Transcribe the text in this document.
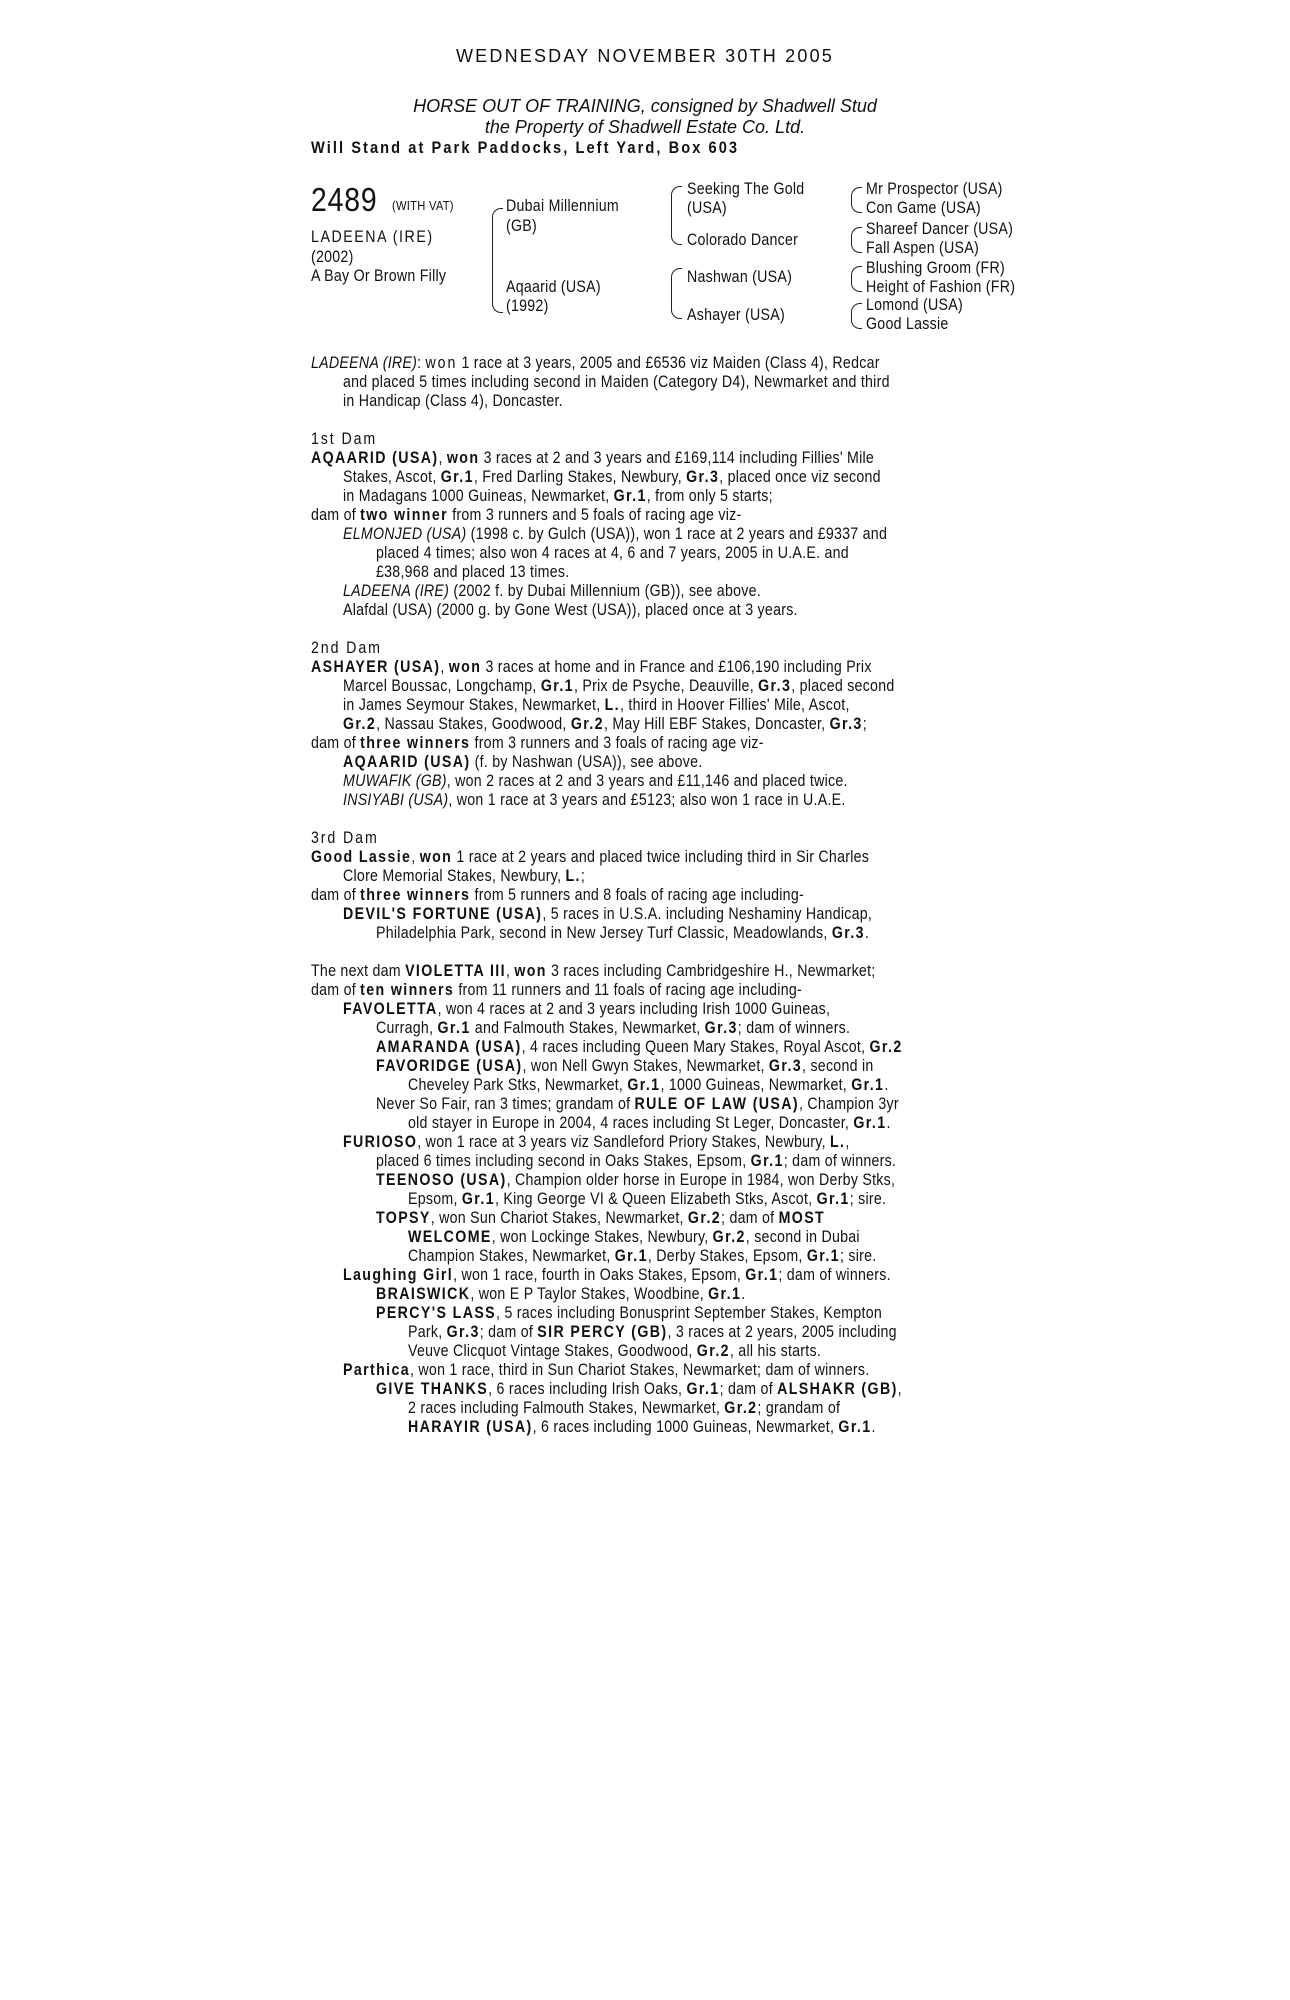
WEDNESDAY NOVEMBER 30TH 2005
HORSE OUT OF TRAINING, consigned by Shadwell Stud
the Property of Shadwell Estate Co. Ltd.
Will Stand at Park Paddocks, Left Yard, Box 603
2489 (WITH VAT)
LADEENA (IRE)
(2002)
A Bay Or Brown Filly
Dubai Millennium
(GB)
Aqaarid (USA)
(1992)
Seeking The Gold
(USA)
Colorado Dancer
Nashwan (USA)
Ashayer (USA)
Mr Prospector (USA)
Con Game (USA)
Shareef Dancer (USA)
Fall Aspen (USA)
Blushing Groom (FR)
Height of Fashion (FR)
Lomond (USA)
Good Lassie
LADEENA (IRE): won 1 race at 3 years, 2005 and £6536 viz Maiden (Class 4), Redcar
and placed 5 times including second in Maiden (Category D4), Newmarket and third
in Handicap (Class 4), Doncaster.
1st Dam
AQAARID (USA), won 3 races at 2 and 3 years and £169,114 including Fillies' Mile
Stakes, Ascot, Gr.1, Fred Darling Stakes, Newbury, Gr.3, placed once viz second
in Madagans 1000 Guineas, Newmarket, Gr.1, from only 5 starts;
dam of two winner from 3 runners and 5 foals of racing age viz-
ELMONJED (USA) (1998 c. by Gulch (USA)), won 1 race at 2 years and £9337 and
placed 4 times; also won 4 races at 4, 6 and 7 years, 2005 in U.A.E. and
£38,968 and placed 13 times.
LADEENA (IRE) (2002 f. by Dubai Millennium (GB)), see above.
Alafdal (USA) (2000 g. by Gone West (USA)), placed once at 3 years.
2nd Dam
ASHAYER (USA), won 3 races at home and in France and £106,190 including Prix
Marcel Boussac, Longchamp, Gr.1, Prix de Psyche, Deauville, Gr.3, placed second
in James Seymour Stakes, Newmarket, L., third in Hoover Fillies' Mile, Ascot,
Gr.2, Nassau Stakes, Goodwood, Gr.2, May Hill EBF Stakes, Doncaster, Gr.3;
dam of three winners from 3 runners and 3 foals of racing age viz-
AQAARID (USA) (f. by Nashwan (USA)), see above.
MUWAFIK (GB), won 2 races at 2 and 3 years and £11,146 and placed twice.
INSIYABI (USA), won 1 race at 3 years and £5123; also won 1 race in U.A.E.
3rd Dam
Good Lassie, won 1 race at 2 years and placed twice including third in Sir Charles
Clore Memorial Stakes, Newbury, L.;
dam of three winners from 5 runners and 8 foals of racing age including-
DEVIL'S FORTUNE (USA), 5 races in U.S.A. including Neshaminy Handicap,
Philadelphia Park, second in New Jersey Turf Classic, Meadowlands, Gr.3.
The next dam VIOLETTA III, won 3 races including Cambridgeshire H., Newmarket;
dam of ten winners from 11 runners and 11 foals of racing age including-
FAVOLETTA, won 4 races at 2 and 3 years including Irish 1000 Guineas,
Curragh, Gr.1 and Falmouth Stakes, Newmarket, Gr.3; dam of winners.
AMARANDA (USA), 4 races including Queen Mary Stakes, Royal Ascot, Gr.2
FAVORIDGE (USA), won Nell Gwyn Stakes, Newmarket, Gr.3, second in
Cheveley Park Stks, Newmarket, Gr.1, 1000 Guineas, Newmarket, Gr.1.
Never So Fair, ran 3 times; grandam of RULE OF LAW (USA), Champion 3yr
old stayer in Europe in 2004, 4 races including St Leger, Doncaster, Gr.1.
FURIOSO, won 1 race at 3 years viz Sandleford Priory Stakes, Newbury, L.,
placed 6 times including second in Oaks Stakes, Epsom, Gr.1; dam of winners.
TEENOSO (USA), Champion older horse in Europe in 1984, won Derby Stks,
Epsom, Gr.1, King George VI & Queen Elizabeth Stks, Ascot, Gr.1; sire.
TOPSY, won Sun Chariot Stakes, Newmarket, Gr.2; dam of MOST
WELCOME, won Lockinge Stakes, Newbury, Gr.2, second in Dubai
Champion Stakes, Newmarket, Gr.1, Derby Stakes, Epsom, Gr.1; sire.
Laughing Girl, won 1 race, fourth in Oaks Stakes, Epsom, Gr.1; dam of winners.
BRAISWICK, won E P Taylor Stakes, Woodbine, Gr.1.
PERCY'S LASS, 5 races including Bonusprint September Stakes, Kempton
Park, Gr.3; dam of SIR PERCY (GB), 3 races at 2 years, 2005 including
Veuve Clicquot Vintage Stakes, Goodwood, Gr.2, all his starts.
Parthica, won 1 race, third in Sun Chariot Stakes, Newmarket; dam of winners.
GIVE THANKS, 6 races including Irish Oaks, Gr.1; dam of ALSHAKR (GB),
2 races including Falmouth Stakes, Newmarket, Gr.2; grandam of
HARAYIR (USA), 6 races including 1000 Guineas, Newmarket, Gr.1.
